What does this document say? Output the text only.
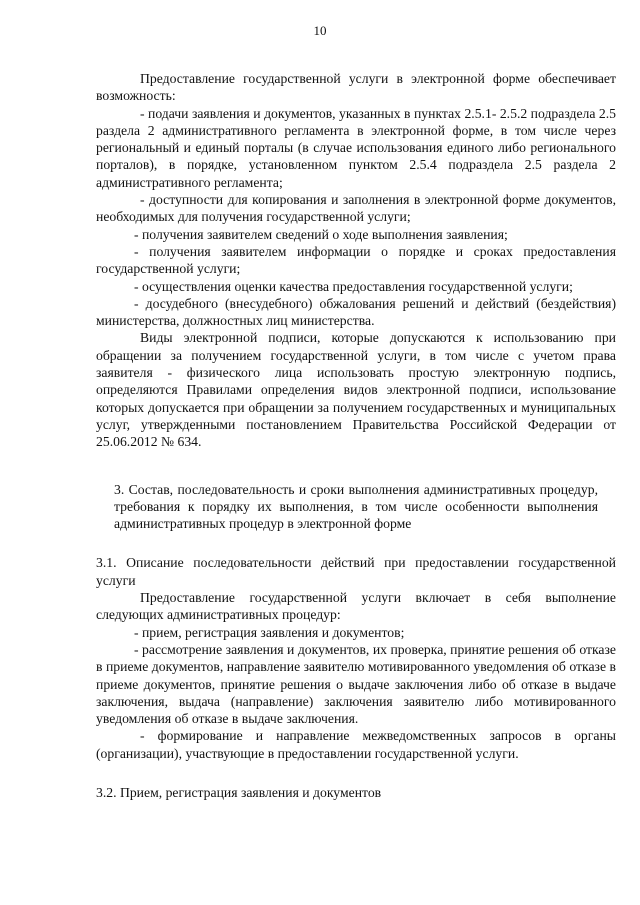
10

Предоставление государственной услуги в электронной форме обеспечивает возможность:

- подачи заявления и документов, указанных в пунктах 2.5.1- 2.5.2 подраздела 2.5 раздела 2 административного регламента в электронной форме, в том числе через региональный и единый порталы (в случае использования единого либо регионального порталов), в порядке, установленном пунктом 2.5.4 подраздела 2.5 раздела 2 административного регламента;

- доступности для копирования и заполнения в электронной форме документов, необходимых для получения государственной услуги;

- получения заявителем сведений о ходе выполнения заявления;

- получения заявителем информации о порядке и сроках предоставления государственной услуги;

- осуществления оценки качества предоставления государственной услуги;

- досудебного (внесудебного) обжалования решений и действий (бездействия) министерства, должностных лиц министерства.

Виды электронной подписи, которые допускаются к использованию при обращении за получением государственной услуги, в том числе с учетом права заявителя - физического лица использовать простую электронную подпись, определяются Правилами определения видов электронной подписи, использование которых допускается при обращении за получением государственных и муниципальных услуг, утвержденными постановлением Правительства Российской Федерации от 25.06.2012 № 634.

3. Состав, последовательность и сроки выполнения административных процедур, требования к порядку их выполнения, в том числе особенности выполнения административных процедур в электронной форме

3.1. Описание последовательности действий при предоставлении государственной услуги

Предоставление государственной услуги включает в себя выполнение следующих административных процедур:

- прием, регистрация заявления и документов;

- рассмотрение заявления и документов, их проверка, принятие решения об отказе в приеме документов, направление заявителю мотивированного уведомления об отказе в приеме документов, принятие решения о выдаче заключения либо об отказе в выдаче заключения, выдача (направление) заключения заявителю либо мотивированного уведомления об отказе в выдаче заключения.

- формирование и направление межведомственных запросов в органы (организации), участвующие в предоставлении государственной услуги.

3.2. Прием, регистрация заявления и документов
